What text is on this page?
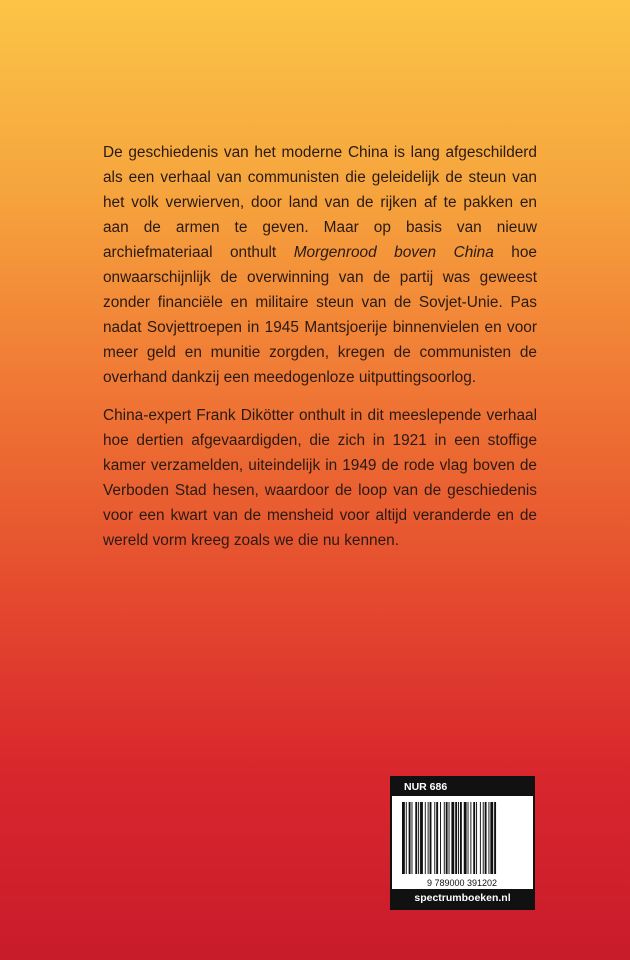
De geschiedenis van het moderne China is lang afgeschilderd als een verhaal van communisten die geleidelijk de steun van het volk verwierven, door land van de rijken af te pakken en aan de armen te geven. Maar op basis van nieuw archiefmateriaal onthult Morgenrood boven China hoe onwaarschijnlijk de overwinning van de partij was geweest zonder financiële en militaire steun van de Sovjet-Unie. Pas nadat Sovjettroepen in 1945 Mantsjoerije binnenvielen en voor meer geld en munitie zorgden, kregen de communisten de overhand dankzij een meedogenloze uitputtingsoorlog.

China-expert Frank Dikötter onthult in dit meeslepende verhaal hoe dertien afgevaardigden, die zich in 1921 in een stoffige kamer verzamelden, uiteindelijk in 1949 de rode vlag boven de Verboden Stad hesen, waardoor de loop van de geschiedenis voor een kwart van de mensheid voor altijd veranderde en de wereld vorm kreeg zoals we die nu kennen.

NUR 686
9 789000 391202
spectrumboeken.nl
